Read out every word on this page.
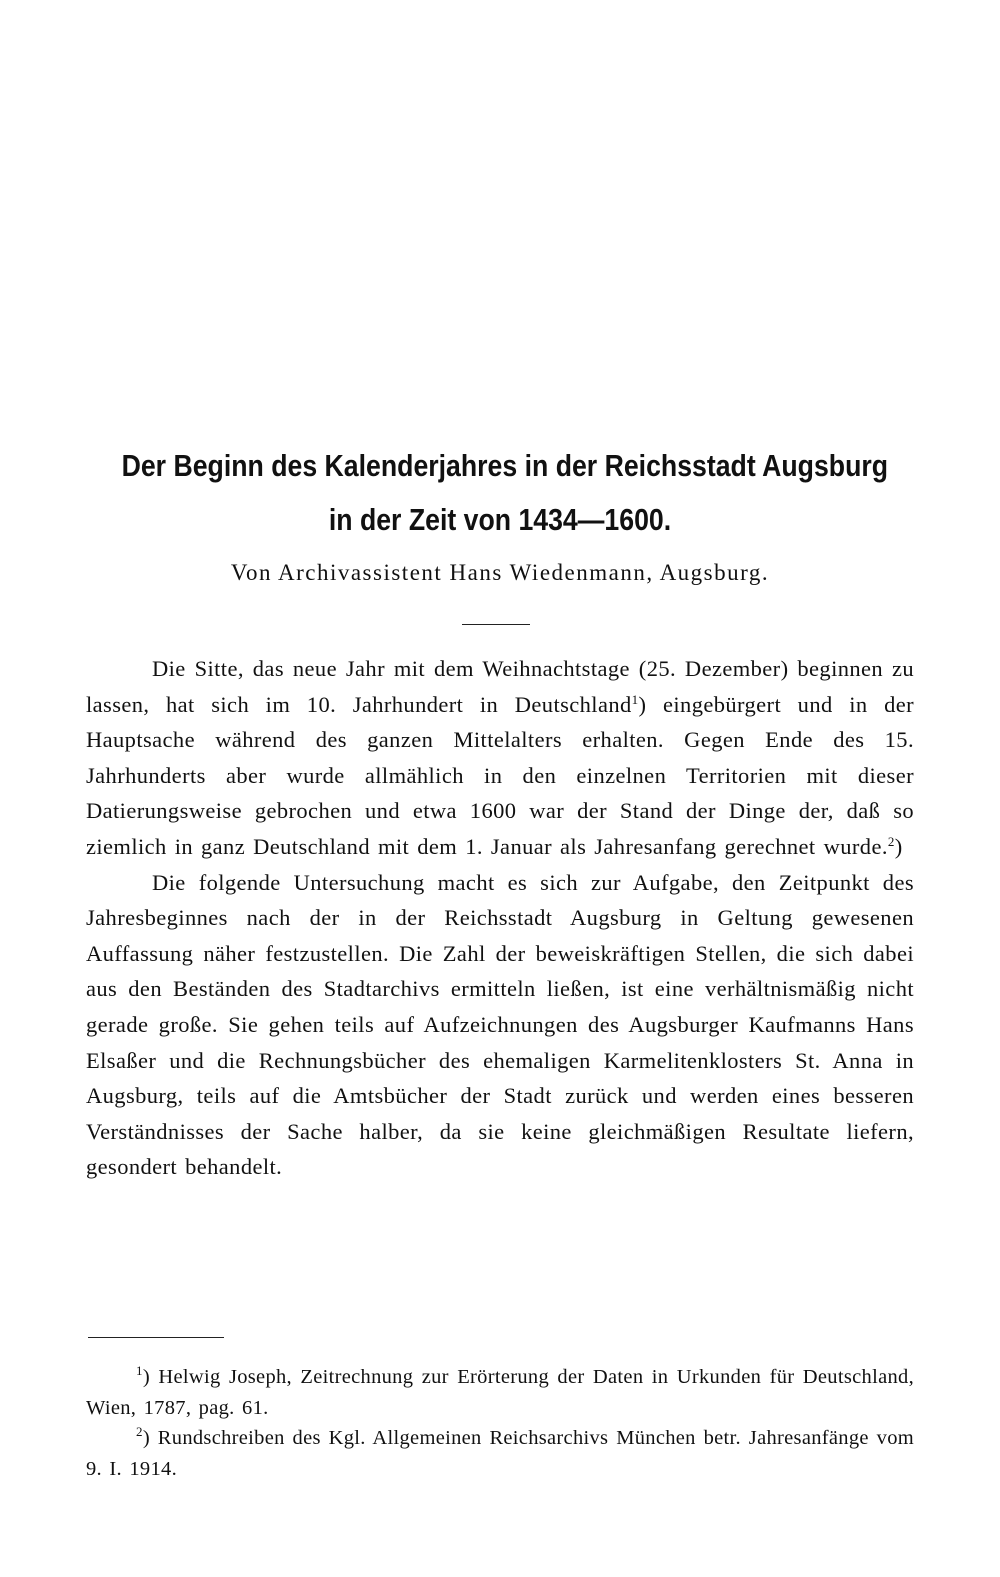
Der Beginn des Kalenderjahres in der Reichsstadt Augsburg
in der Zeit von 1434—1600.
Von Archivassistent Hans Wiedenmann, Augsburg.

Die Sitte, das neue Jahr mit dem Weihnachtstage (25. Dezember) beginnen zu lassen, hat sich im 10. Jahrhundert in Deutschland$^1$) eingebürgert und in der Hauptsache während des ganzen Mittelalters erhalten. Gegen Ende des 15. Jahrhunderts aber wurde allmählich in den einzelnen Territorien mit dieser Datierungsweise gebrochen und etwa 1600 war der Stand der Dinge der, daß so ziemlich in ganz Deutschland mit dem 1. Januar als Jahresanfang gerechnet wurde.$^2$)

Die folgende Untersuchung macht es sich zur Aufgabe, den Zeitpunkt des Jahresbeginnes nach der in der Reichsstadt Augsburg in Geltung gewesenen Auffassung näher festzustellen. Die Zahl der beweiskräftigen Stellen, die sich dabei aus den Beständen des Stadtarchivs ermitteln ließen, ist eine verhältnismäßig nicht gerade große. Sie gehen teils auf Aufzeichnungen des Augsburger Kaufmanns Hans Elsaßer und die Rechnungsbücher des ehemaligen Karmelitenklosters St. Anna in Augsburg, teils auf die Amtsbücher der Stadt zurück und werden eines besseren Verständnisses der Sache halber, da sie keine gleichmäßigen Resultate liefern, gesondert behandelt.

$^1$) Helwig Joseph, Zeitrechnung zur Erörterung der Daten in Urkunden für Deutschland, Wien, 1787, pag. 61.

$^2$) Rundschreiben des Kgl. Allgemeinen Reichsarchivs München betr. Jahresanfänge vom 9. I. 1914.
